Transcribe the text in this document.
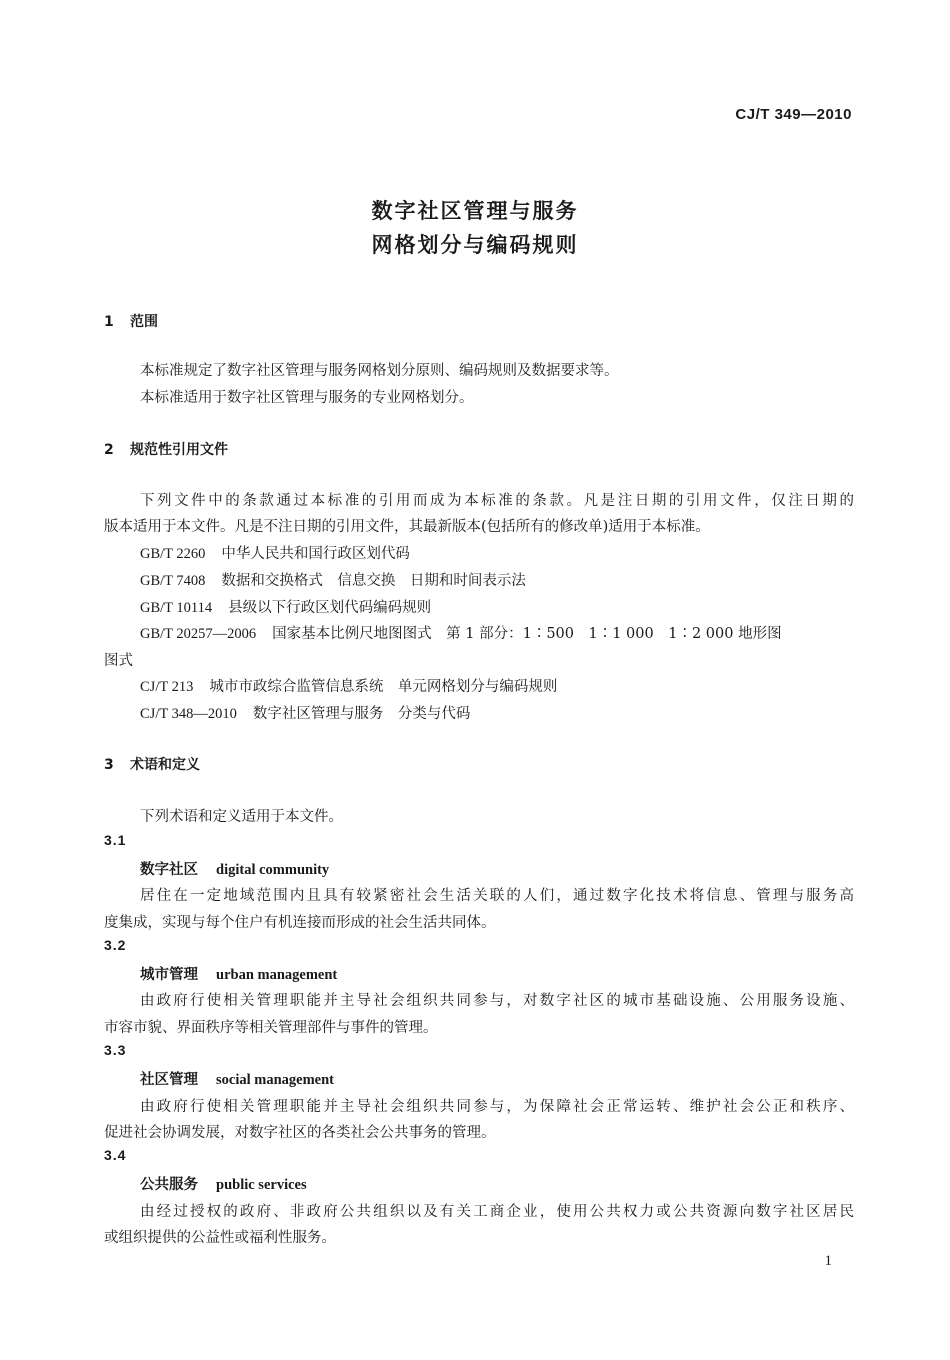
CJ/T 349—2010
数字社区管理与服务
网格划分与编码规则
1 范围
本标准规定了数字社区管理与服务网格划分原则、编码规则及数据要求等。
本标准适用于数字社区管理与服务的专业网格划分。
2 规范性引用文件
下列文件中的条款通过本标准的引用而成为本标准的条款。凡是注日期的引用文件，仅注日期的
版本适用于本文件。凡是不注日期的引用文件，其最新版本(包括所有的修改单)适用于本标准。
GB/T 2260 中华人民共和国行政区划代码
GB/T 7408 数据和交换格式　信息交换　日期和时间表示法
GB/T 10114 县级以下行政区划代码编码规则
GB/T 20257—2006 国家基本比例尺地图图式　第 1 部分：1∶500　1∶1 000　1∶2 000 地形图
图式
CJ/T 213 城市市政综合监管信息系统　单元网格划分与编码规则
CJ/T 348—2010 数字社区管理与服务　分类与代码
3 术语和定义
下列术语和定义适用于本文件。
3.1
数字社区 digital community
居住在一定地域范围内且具有较紧密社会生活关联的人们，通过数字化技术将信息、管理与服务高
度集成，实现与每个住户有机连接而形成的社会生活共同体。
3.2
城市管理 urban management
由政府行使相关管理职能并主导社会组织共同参与，对数字社区的城市基础设施、公用服务设施、
市容市貌、界面秩序等相关管理部件与事件的管理。
3.3
社区管理 social management
由政府行使相关管理职能并主导社会组织共同参与，为保障社会正常运转、维护社会公正和秩序、
促进社会协调发展，对数字社区的各类社会公共事务的管理。
3.4
公共服务 public services
由经过授权的政府、非政府公共组织以及有关工商企业，使用公共权力或公共资源向数字社区居民
或组织提供的公益性或福利性服务。
1
